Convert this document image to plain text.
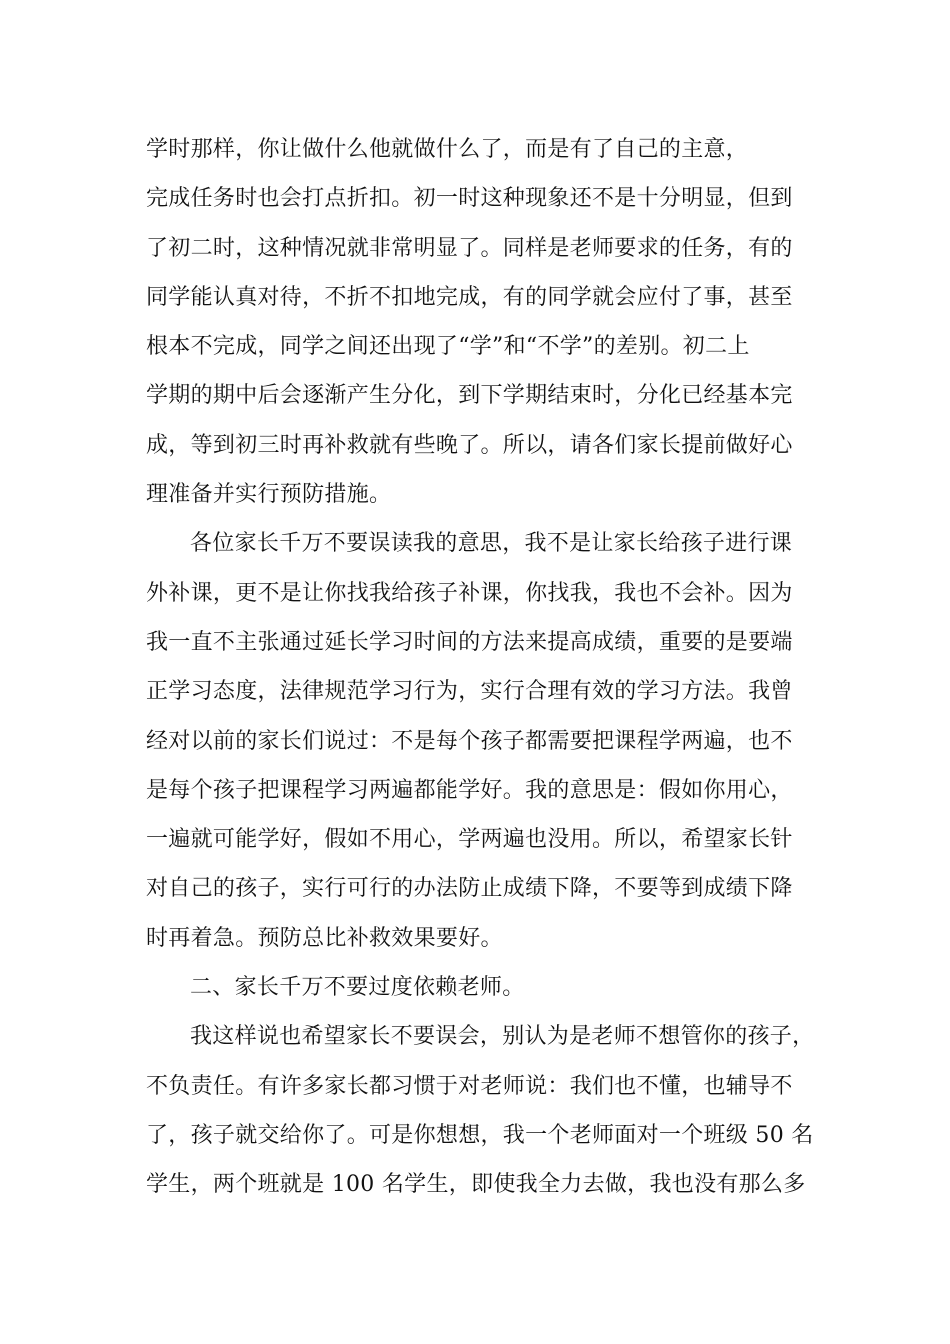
学时那样，你让做什么他就做什么了，而是有了自己的主意，
完成任务时也会打点折扣。初一时这种现象还不是十分明显，但到
了初二时，这种情况就非常明显了。同样是老师要求的任务，有的
同学能认真对待，不折不扣地完成，有的同学就会应付了事，甚至
根本不完成，同学之间还出现了“学”和“不学”的差别。初二上
学期的期中后会逐渐产生分化，到下学期结束时，分化已经基本完
成，等到初三时再补救就有些晚了。所以，请各们家长提前做好心
理准备并实行预防措施。
各位家长千万不要误读我的意思，我不是让家长给孩子进行课
外补课，更不是让你找我给孩子补课，你找我，我也不会补。因为
我一直不主张通过延长学习时间的方法来提高成绩，重要的是要端
正学习态度，法律规范学习行为，实行合理有效的学习方法。我曾
经对以前的家长们说过：不是每个孩子都需要把课程学两遍，也不
是每个孩子把课程学习两遍都能学好。我的意思是：假如你用心，
一遍就可能学好，假如不用心，学两遍也没用。所以，希望家长针
对自己的孩子，实行可行的办法防止成绩下降，不要等到成绩下降
时再着急。预防总比补救效果要好。
二、家长千万不要过度依赖老师。
我这样说也希望家长不要误会，别认为是老师不想管你的孩子，
不负责任。有许多家长都习惯于对老师说：我们也不懂，也辅导不
了，孩子就交给你了。可是你想想，我一个老师面对一个班级 50 名
学生，两个班就是 100 名学生，即使我全力去做，我也没有那么多
